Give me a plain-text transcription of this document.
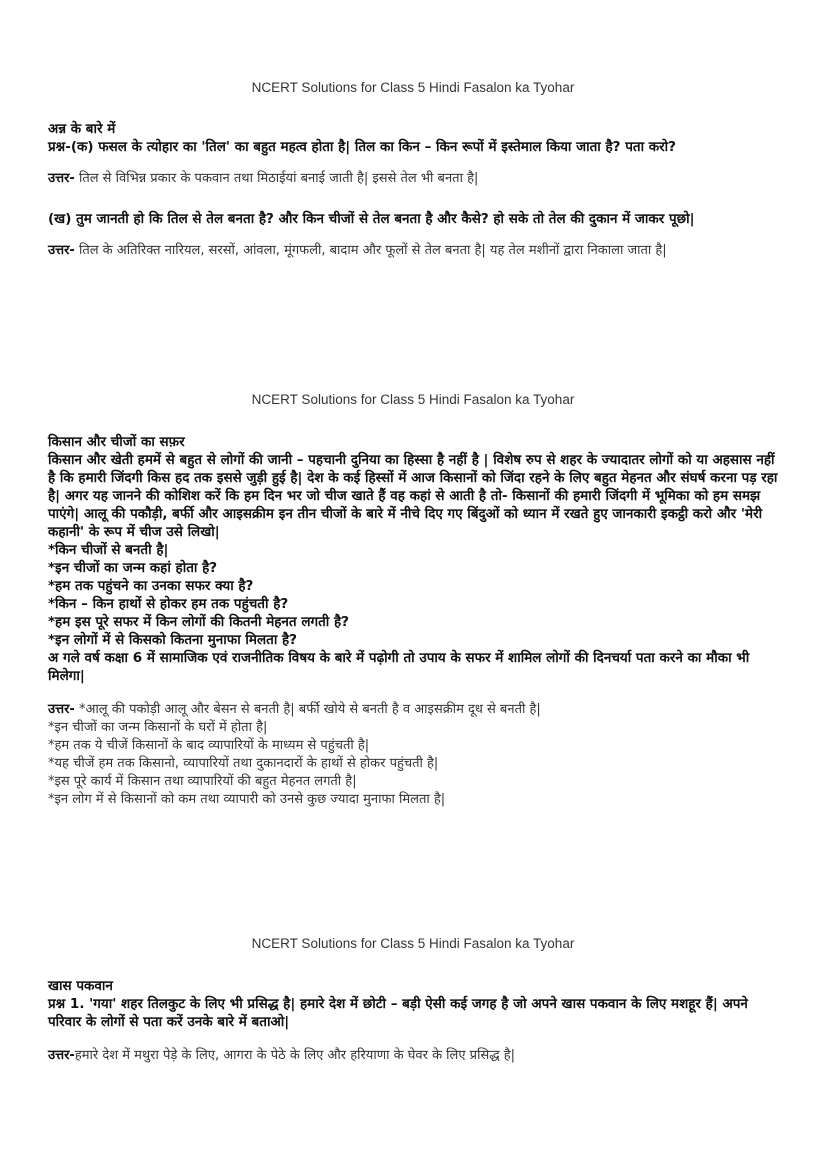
NCERT Solutions for Class 5 Hindi Fasalon ka Tyohar

अन्न के बारे में

प्रश्न-(क) फसल के त्योहार का 'तिल' का बहुत महत्व होता है| तिल का किन – किन रूपों में इस्तेमाल किया जाता है? पता करो?

उत्तर- तिल से विभिन्न प्रकार के पकवान तथा मिठाईयां बनाई जाती है| इससे तेल भी बनता है|

(ख) तुम जानती हो कि तिल से तेल बनता है? और किन चीजों से तेल बनता है और कैसे? हो सके तो तेल की दुकान में जाकर पूछो|

उत्तर- तिल के अतिरिक्त नारियल, सरसों, आंवला, मूंगफली, बादाम और फूलों से तेल बनता है| यह तेल मशीनों द्वारा निकाला जाता है|

NCERT Solutions for Class 5 Hindi Fasalon ka Tyohar

किसान और चीजों का सफ़र

किसान और खेती हममें से बहुत से लोगों की जानी – पहचानी दुनिया का हिस्सा है नहीं है | विशेष रुप से शहर के ज्यादातर लोगों को या अहसास नहीं है कि हमारी जिंदगी किस हद तक इससे जुड़ी हुई है| देश के कई हिस्सों में आज किसानों को जिंदा रहने के लिए बहुत मेहनत और संघर्ष करना पड़ रहा है| अगर यह जानने की कोशिश करें कि हम दिन भर जो चीज खाते हैं वह कहां से आती है तो- किसानों की हमारी जिंदगी में भूमिका को हम समझ पाएंगे| आलू की पकौड़ी, बर्फी और आइसक्रीम इन तीन चीजों के बारे में नीचे दिए गए बिंदुओं को ध्यान में रखते हुए जानकारी इकट्ठी करो और 'मेरी कहानी' के रूप में चीज उसे लिखो|

*किन चीजों से बनती है|

*इन चीजों का जन्म कहां होता है?

*हम तक पहुंचने का उनका सफर क्या है?

*किन – किन हाथों से होकर हम तक पहुंचती है?

*हम इस पूरे सफर में किन लोगों की कितनी मेहनत लगती है?

*इन लोगों में से किसको कितना मुनाफा मिलता है?

अ गले वर्ष कक्षा 6 में सामाजिक एवं राजनीतिक विषय के बारे में पढ़ोगी तो उपाय के सफर में शामिल लोगों की दिनचर्या पता करने का मौका भी मिलेगा|

उत्तर- *आलू की पकोड़ी आलू और बेसन से बनती है| बर्फी खोये से बनती है व आइसक्रीम दूध से बनती है|

*इन चीजों का जन्म किसानों के घरों में होता है|

*हम तक ये चीजें किसानों के बाद व्यापारियों के माध्यम से पहुंचती है|

*यह चीजें हम तक किसानो, व्यापारियों तथा दुकानदारों के हाथों से होकर पहुंचती है|

*इस पूरे कार्य में किसान तथा व्यापारियों की बहुत मेहनत लगती है|

*इन लोग में से किसानों को कम तथा व्यापारी को उनसे कुछ ज्यादा मुनाफा मिलता है|

NCERT Solutions for Class 5 Hindi Fasalon ka Tyohar

खास पकवान

प्रश्न 1. 'गया' शहर तिलकुट के लिए भी प्रसिद्ध है| हमारे देश में छोटी – बड़ी ऐसी कई जगह है जो अपने खास पकवान के लिए मशहूर हैं| अपने परिवार के लोगों से पता करें उनके बारे में बताओ|

उत्तर-हमारे देश में मथुरा पेड़े के लिए, आगरा के पेठे के लिए और हरियाणा के घेवर के लिए प्रसिद्ध है|
